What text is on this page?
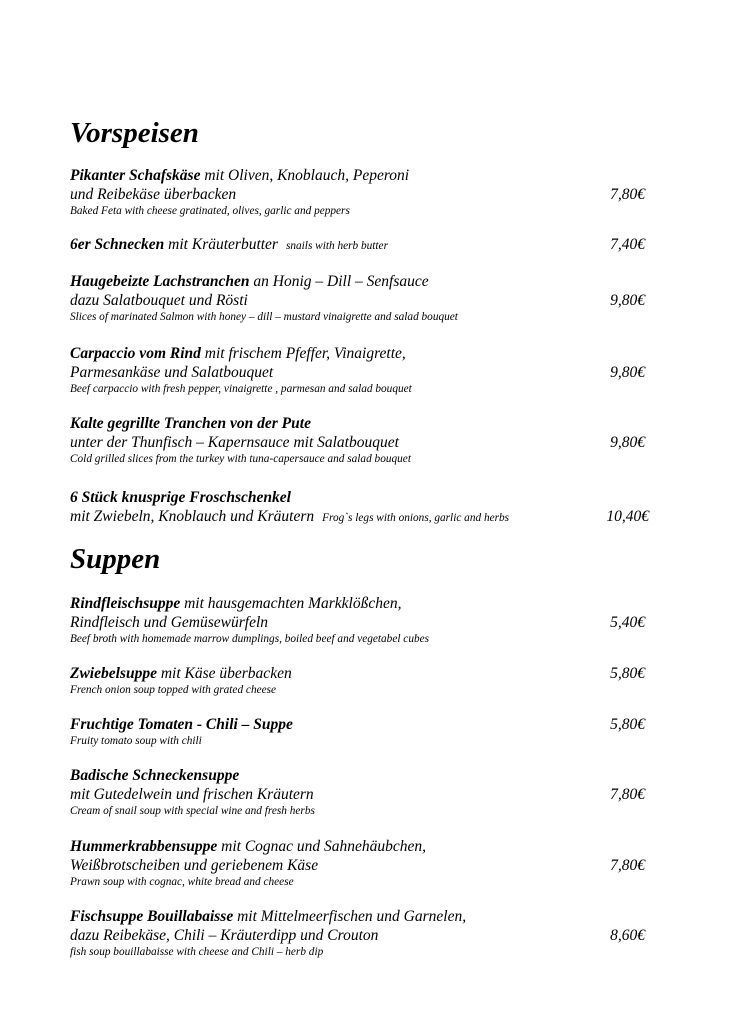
Vorspeisen
Pikanter Schafskäse mit Oliven, Knoblauch, Peperoni
und Reibekäse überbacken	7,80€
Baked Feta with cheese gratinated, olives, garlic and peppers
6er Schnecken mit Kräuterbutter snails with herb butter	7,40€
Haugebeizte Lachstranchen an Honig – Dill – Senfsauce
dazu Salatbouquet und Rösti	9,80€
Slices of marinated Salmon with honey – dill – mustard vinaigrette and salad bouquet
Carpaccio vom Rind mit frischem Pfeffer, Vinaigrette,
Parmesankäse und Salatbouquet	9,80€
Beef carpaccio with fresh pepper, vinaigrette , parmesan and salad bouquet
Kalte gegrillte Tranchen von der Pute
unter der Thunfisch – Kapernsauce mit Salatbouquet	9,80€
Cold grilled slices from the turkey with tuna-capersauce and salad bouquet
6 Stück knusprige Froschschenkel
mit Zwiebeln, Knoblauch und Kräutern Frog`s legs with onions, garlic and herbs	10,40€
Suppen
Rindfleischsuppe mit hausgemachten Markklößchen,
Rindfleisch und Gemüsewürfeln	5,40€
Beef broth with homemade marrow dumplings, boiled beef and vegetabel cubes
Zwiebelsuppe mit Käse überbacken	5,80€
French onion soup topped with grated cheese
Fruchtige Tomaten - Chili – Suppe	5,80€
Fruity tomato soup with chili
Badische Schneckensuppe
mit Gutedelwein und frischen Kräutern	7,80€
Cream of snail soup with special wine and fresh herbs
Hummerkrabbensuppe mit Cognac und Sahnehäubchen,
Weißbrotscheiben und geriebenem Käse	7,80€
Prawn soup with cognac, white bread and cheese
Fischsuppe Bouillabaisse mit Mittelmeerfischen und Garnelen,
dazu Reibekäse, Chili – Kräuterdipp und Crouton	8,60€
fish soup bouillabaisse with cheese and Chili – herb dip
